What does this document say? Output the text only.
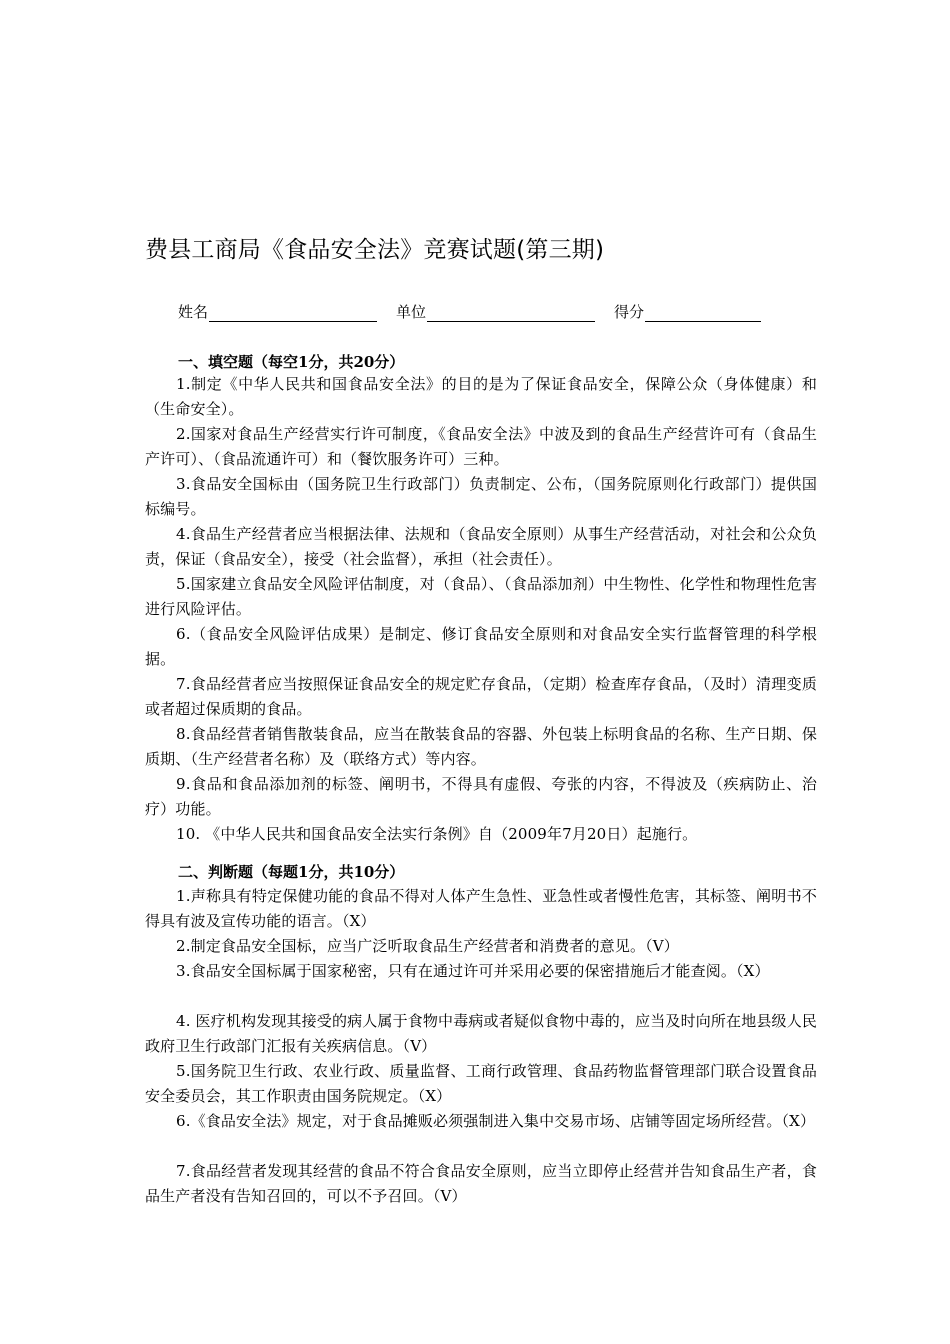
费县工商局《食品安全法》竞赛试题(第三期)
姓名	单位	得分
一、填空题（每空1分，共20分）
1.制定《中华人民共和国食品安全法》的目的是为了保证食品安全，保障公众（身体健康）和（生命安全）。
2.国家对食品生产经营实行许可制度，《食品安全法》中波及到的食品生产经营许可有（食品生产许可）、（食品流通许可）和（餐饮服务许可）三种。
3.食品安全国标由（国务院卫生行政部门）负责制定、公布，（国务院原则化行政部门）提供国标编号。
4.食品生产经营者应当根据法律、法规和（食品安全原则）从事生产经营活动，对社会和公众负责，保证（食品安全），接受（社会监督），承担（社会责任）。
5.国家建立食品安全风险评估制度，对（食品）、（食品添加剂）中生物性、化学性和物理性危害进行风险评估。
6.（食品安全风险评估成果）是制定、修订食品安全原则和对食品安全实行监督管理的科学根据。
7.食品经营者应当按照保证食品安全的规定贮存食品，（定期）检查库存食品，（及时）清理变质或者超过保质期的食品。
8.食品经营者销售散装食品，应当在散装食品的容器、外包装上标明食品的名称、生产日期、保质期、（生产经营者名称）及（联络方式）等内容。
9.食品和食品添加剂的标签、阐明书，不得具有虚假、夸张的内容，不得波及（疾病防止、治疗）功能。
10. 《中华人民共和国食品安全法实行条例》自（2009年7月20日）起施行。
二、判断题（每题1分，共10分）
1.声称具有特定保健功能的食品不得对人体产生急性、亚急性或者慢性危害，其标签、阐明书不得具有波及宣传功能的语言。（X）
2.制定食品安全国标，应当广泛听取食品生产经营者和消费者的意见。（V）
3.食品安全国标属于国家秘密，只有在通过许可并采用必要的保密措施后才能查阅。（X）
4. 医疗机构发现其接受的病人属于食物中毒病或者疑似食物中毒的，应当及时向所在地县级人民政府卫生行政部门汇报有关疾病信息。（V）
5.国务院卫生行政、农业行政、质量监督、工商行政管理、食品药物监督管理部门联合设置食品安全委员会，其工作职责由国务院规定。（X）
6.《食品安全法》规定，对于食品摊贩必须强制进入集中交易市场、店铺等固定场所经营。（X）
7.食品经营者发现其经营的食品不符合食品安全原则，应当立即停止经营并告知食品生产者，食品生产者没有告知召回的，可以不予召回。（V）
